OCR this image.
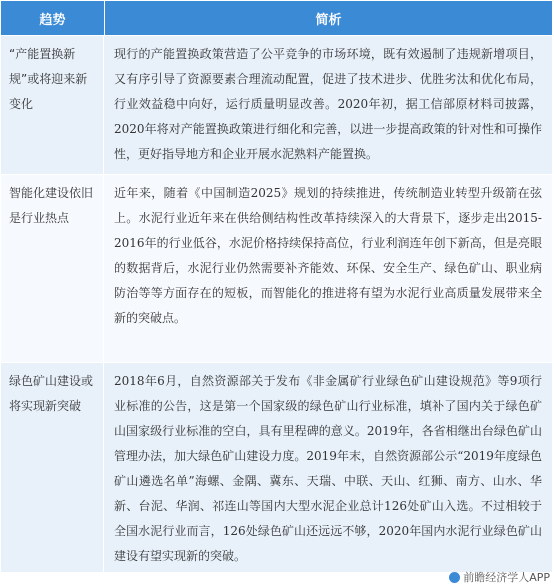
趋势	简析
“产能置换新规”或将迎来新变化
现行的产能置换政策营造了公平竞争的市场环境，既有效遏制了违规新增项目，又有序引导了资源要素合理流动配置，促进了技术进步、优胜劣汰和优化布局，行业效益稳中向好，运行质量明显改善。2020年初，据工信部原材料司披露，2020年将对产能置换政策进行细化和完善，以进一步提高政策的针对性和可操作性，更好指导地方和企业开展水泥熟料产能置换。
智能化建设依旧是行业热点
近年来，随着《中国制造2025》规划的持续推进，传统制造业转型升级箭在弦上。水泥行业近年来在供给侧结构性改革持续深入的大背景下，逐步走出2015-2016年的行业低谷，水泥价格持续保持高位，行业利润连年创下新高，但是亮眼的数据背后，水泥行业仍然需要补齐能效、环保、安全生产、绿色矿山、职业病防治等等方面存在的短板，而智能化的推进将有望为水泥行业高质量发展带来全新的突破点。
绿色矿山建设或将实现新突破
2018年6月，自然资源部关于发布《非金属矿行业绿色矿山建设规范》等9项行业标准的公告，这是第一个国家级的绿色矿山行业标准，填补了国内关于绿色矿山国家级行业标准的空白，具有里程碑的意义。2019年，各省相继出台绿色矿山管理办法，加大绿色矿山建设力度。2019年末，自然资源部公示“2019年度绿色矿山遴选名单”海螺、金隅、冀东、天瑞、中联、天山、红狮、南方、山水、华新、台泥、华润、祁连山等国内大型水泥企业总计126处矿山入选。不过相较于全国水泥行业而言，126处绿色矿山还远远不够，2020年国内水泥行业绿色矿山建设有望实现新的突破。
前瞻经济学人APP
